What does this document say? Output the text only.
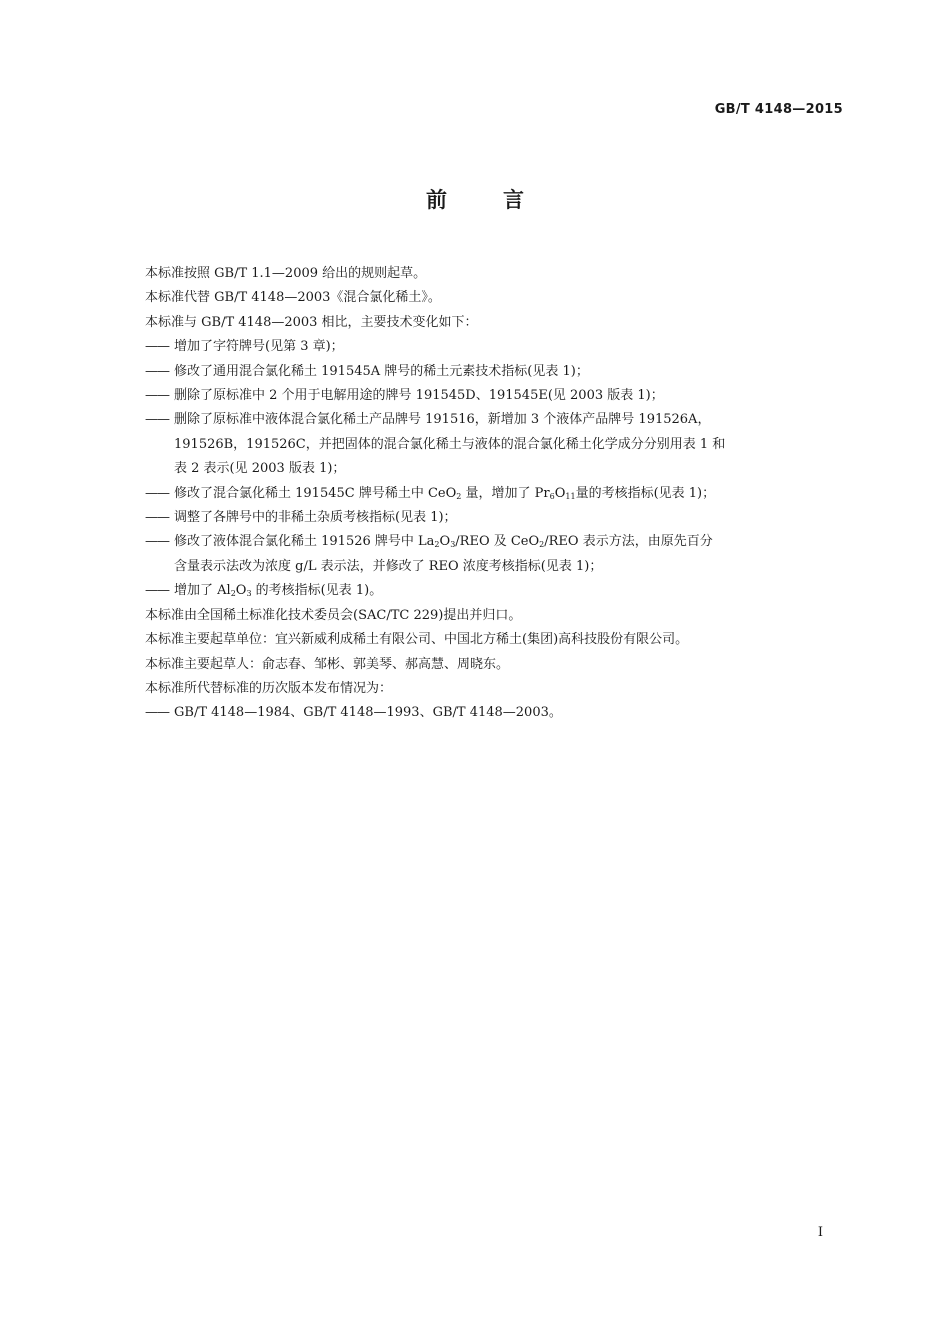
GB/T 4148—2015
前言

本标准按照 GB/T 1.1—2009 给出的规则起草。

本标准代替 GB/T 4148—2003《混合氯化稀土》。

本标准与 GB/T 4148—2003 相比，主要技术变化如下：

—— 增加了字符牌号(见第 3 章)；

—— 修改了通用混合氯化稀土 191545A 牌号的稀土元素技术指标(见表 1)；

—— 删除了原标准中 2 个用于电解用途的牌号 191545D、191545E(见 2003 版表 1)；

—— 删除了原标准中液体混合氯化稀土产品牌号 191516，新增加 3 个液体产品牌号 191526A，
191526B，191526C，并把固体的混合氯化稀土与液体的混合氯化稀土化学成分分别用表 1 和
表 2 表示(见 2003 版表 1)；

—— 修改了混合氯化稀土 191545C 牌号稀土中 CeO$_2$ 量，增加了 $Pr_6O_{11}$量的考核指标(见表 1)；

—— 调整了各牌号中的非稀土杂质考核指标(见表 1)；

—— 修改了液体混合氯化稀土 191526 牌号中 $La_2O_3$/REO 及 CeO$_2$/REO 表示方法，由原先百分
含量表示法改为浓度 g/L 表示法，并修改了 REO 浓度考核指标(见表 1)；

—— 增加了 $Al_2O_3$ 的考核指标(见表 1)。

本标准由全国稀土标准化技术委员会(SAC/TC 229)提出并归口。

本标准主要起草单位：宜兴新威利成稀土有限公司、中国北方稀土(集团)高科技股份有限公司。

本标准主要起草人：俞志春、邹彬、郭美琴、郝高慧、周晓东。

本标准所代替标准的历次版本发布情况为：

—— GB/T 4148—1984、GB/T 4148—1993、GB/T 4148—2003。

I
